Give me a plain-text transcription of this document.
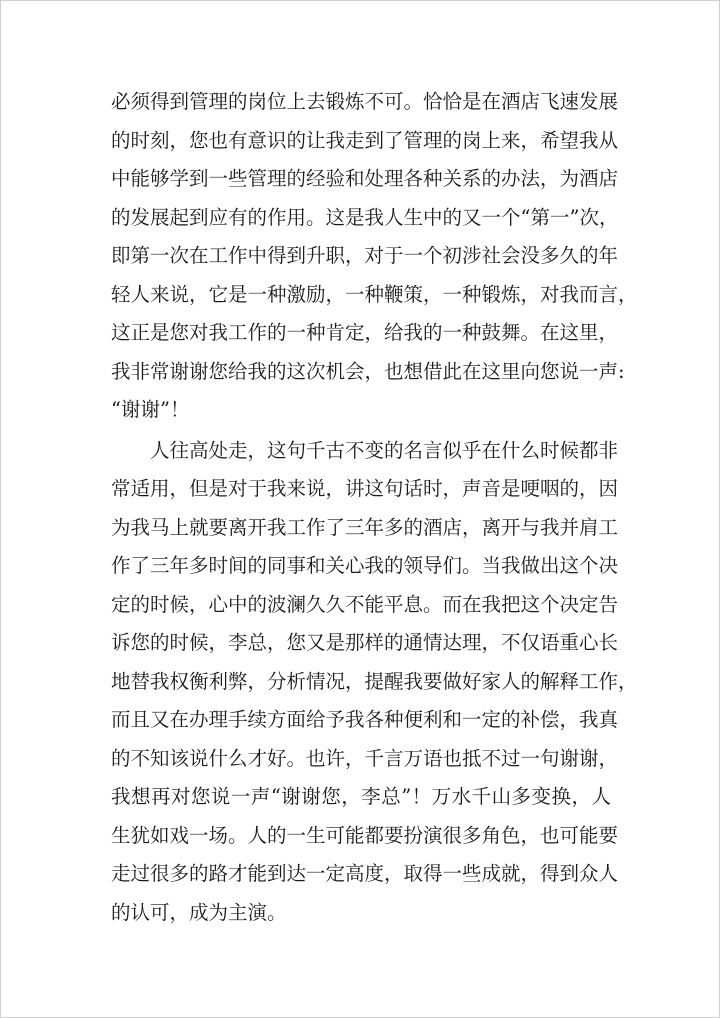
必须得到管理的岗位上去锻炼不可。恰恰是在酒店飞速发展
的时刻，您也有意识的让我走到了管理的岗上来，希望我从
中能够学到一些管理的经验和处理各种关系的办法，为酒店
的发展起到应有的作用。这是我人生中的又一个“第一”次，
即第一次在工作中得到升职，对于一个初涉社会没多久的年
轻人来说，它是一种激励，一种鞭策，一种锻炼，对我而言，
这正是您对我工作的一种肯定，给我的一种鼓舞。在这里，
我非常谢谢您给我的这次机会，也想借此在这里向您说一声:
“谢谢”！
人往高处走，这句千古不变的名言似乎在什么时候都非
常适用，但是对于我来说，讲这句话时，声音是哽咽的，因
为我马上就要离开我工作了三年多的酒店，离开与我并肩工
作了三年多时间的同事和关心我的领导们。当我做出这个决
定的时候，心中的波澜久久不能平息。而在我把这个决定告
诉您的时候，李总，您又是那样的通情达理，不仅语重心长
地替我权衡利弊，分析情况，提醒我要做好家人的解释工作，
而且又在办理手续方面给予我各种便利和一定的补偿，我真
的不知该说什么才好。也许，千言万语也抵不过一句谢谢，
我想再对您说一声“谢谢您，李总”！万水千山多变换，人
生犹如戏一场。人的一生可能都要扮演很多角色，也可能要
走过很多的路才能到达一定高度，取得一些成就，得到众人
的认可，成为主演。
